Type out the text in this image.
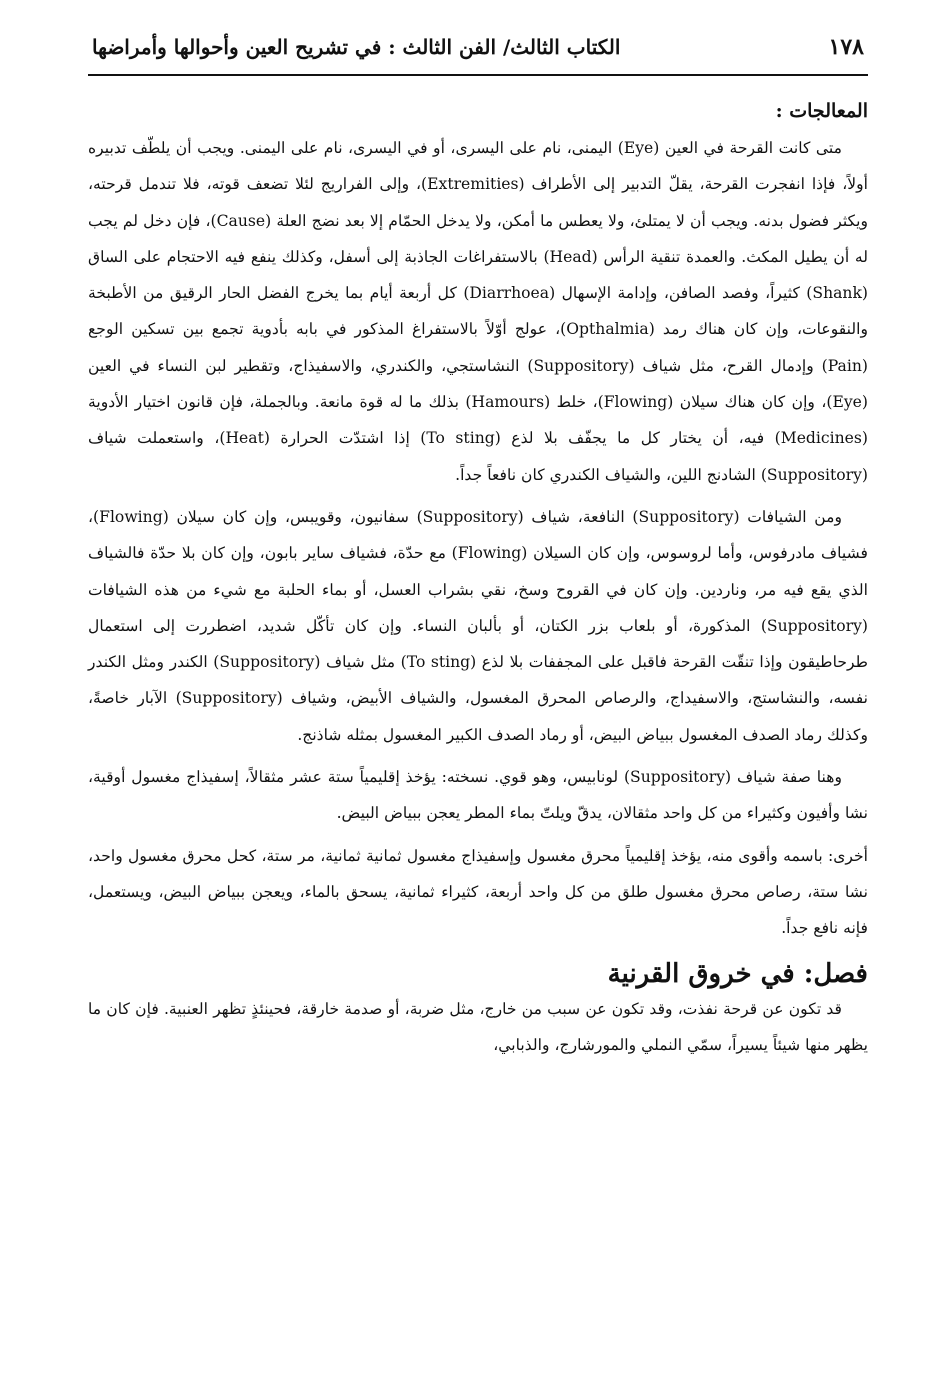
١٧٨
الكتاب الثالث/ الفن الثالث : في تشريح العين وأحوالها وأمراضها
المعالجات :

متى كانت القرحة في العين (Eye) اليمنى، نام على اليسرى، أو في اليسرى، نام على اليمنى. ويجب أن يلطّف تدبيره أولاً، فإذا انفجرت القرحة، يقلّ التدبير إلى الأطراف (Extremities)، وإلى الفراريج لئلا تضعف قوته، فلا تندمل قرحته، ويكثر فضول بدنه. ويجب أن لا يمتلئ، ولا يعطس ما أمكن، ولا يدخل الحمّام إلا بعد نضج العلة (Cause)، فإن دخل لم يجب له أن يطيل المكث. والعمدة تنقية الرأس (Head) بالاستفراغات الجاذبة إلى أسفل، وكذلك ينفع فيه الاحتجام على الساق (Shank) كثيراً، وفصد الصافن، وإدامة الإسهال (Diarrhoea) كل أربعة أيام بما يخرج الفضل الحار الرقيق من الأطبخة والنقوعات، وإن كان هناك رمد (Opthalmia)، عولج أوّلاً بالاستفراغ المذكور في بابه بأدوية تجمع بين تسكين الوجع (Pain) وإدمال القرح، مثل شياف (Suppository) النشاستجي، والكندري، والاسفيذاج، وتقطير لبن النساء في العين (Eye)، وإن كان هناك سيلان (Flowing)، خلط (Hamours) بذلك ما له قوة مانعة. وبالجملة، فإن قانون اختيار الأدوية (Medicines) فيه، أن يختار كل ما يجفّف بلا لذع (To sting) إذا اشتدّت الحرارة (Heat)، واستعملت شياف (Suppository) الشادنج اللين، والشياف الكندري كان نافعاً جداً.

ومن الشيافات (Suppository) النافعة، شياف (Suppository) سفانيون، وقويبس، وإن كان سيلان (Flowing)، فشياف مادرفوس، وأما لروسوس، وإن كان السيلان (Flowing) مع حدّة، فشياف ساير بابون، وإن كان بلا حدّة فالشياف الذي يقع فيه مر، وناردين. وإن كان في القروح وسخ، نقي بشراب العسل، أو بماء الحلبة مع شيء من هذه الشيافات (Suppository) المذكورة، أو بلعاب بزر الكتان، أو بألبان النساء. وإن كان تأكّل شديد، اضطررت إلى استعمال طرحاطيقون وإذا تنقّت القرحة فاقبل على المجففات بلا لذع (To sting) مثل شياف (Suppository) الكندر ومثل الكندر نفسه، والنشاستج، والاسفيداج، والرصاص المحرق المغسول، والشياف الأبيض، وشياف (Suppository) الآبار خاصةً، وكذلك رماد الصدف المغسول ببياض البيض، أو رماد الصدف الكبير المغسول بمثله شاذنج.

وهنا صفة شياف (Suppository) لونابيس، وهو قوي. نسخته: يؤخذ إقليمياً ستة عشر مثقالاً، إسفيذاج مغسول أوقية، نشا وأفيون وكثيراء من كل واحد مثقالان، يدقّ ويلتّ بماء المطر يعجن ببياض البيض.

أخرى: باسمه وأقوى منه، يؤخذ إقليمياً محرق مغسول وإسفيذاج مغسول ثمانية ثمانية، مر ستة، كحل محرق مغسول واحد، نشا ستة، رصاص محرق مغسول طلق من كل واحد أربعة، كثيراء ثمانية، يسحق بالماء، ويعجن ببياض البيض، ويستعمل، فإنه نافع جداً.

فصل: في خروق القرنية

قد تكون عن قرحة نفذت، وقد تكون عن سبب من خارج، مثل ضربة، أو صدمة خارقة، فحينئذٍ تظهر العنبية. فإن كان ما يظهر منها شيئاً يسيراً، سمّي النملي والمورشارج، والذبابي،
